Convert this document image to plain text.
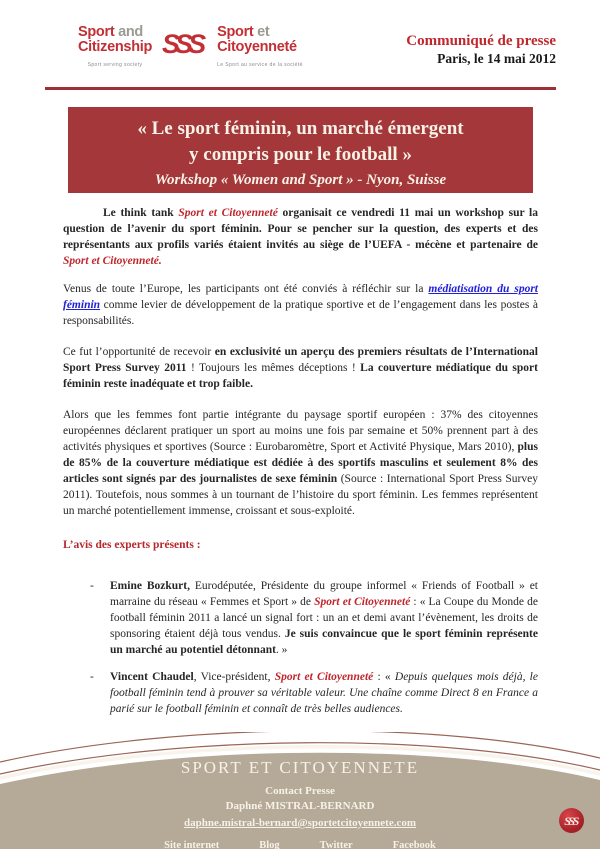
Sport and
Citizenship
Sport serving society
SSS	Sport et
Citoyenneté
Le Sport au service de la société
Communiqué de presse
Paris, le 14 mai 2012
« Le sport féminin, un marché émergent
y compris pour le football »
Workshop « Women and Sport » - Nyon, Suisse

Le think tank Sport et Citoyenneté organisait ce vendredi 11 mai un workshop sur la question de l’avenir du sport féminin. Pour se pencher sur la question, des experts et des représentants aux profils variés étaient invités au siège de l’UEFA - mécène et partenaire de Sport et Citoyenneté.

Venus de toute l’Europe, les participants ont été conviés à réfléchir sur la médiatisation du sport féminin comme levier de développement de la pratique sportive et de l’engagement dans les postes à responsabilités.

Ce fut l’opportunité de recevoir en exclusivité un aperçu des premiers résultats de l’International Sport Press Survey 2011 ! Toujours les mêmes déceptions ! La couverture médiatique du sport féminin reste inadéquate et trop faible.

Alors que les femmes font partie intégrante du paysage sportif européen : 37% des citoyennes européennes déclarent pratiquer un sport au moins une fois par semaine et 50% prennent part à des activités physiques et sportives (Source : Eurobaromètre, Sport et Activité Physique, Mars 2010), plus de 85% de la couverture médiatique est dédiée à des sportifs masculins et seulement 8% des articles sont signés par des journalistes de sexe féminin (Source : International Sport Press Survey 2011). Toutefois, nous sommes à un tournant de l’histoire du sport féminin. Les femmes représentent un marché potentiellement immense, croissant et sous-exploité.

L’avis des experts présents :

-	Emine Bozkurt, Eurodéputée, Présidente du groupe informel « Friends of Football » et marraine du réseau « Femmes et Sport » de Sport et Citoyenneté : « La Coupe du Monde de football féminin 2011 a lancé un signal fort : un an et demi avant l’évènement, les droits de sponsoring étaient déjà tous vendus. Je suis convaincue que le sport féminin représente un marché au potentiel détonnant. »

-	Vincent Chaudel, Vice-président, Sport et Citoyenneté : « Depuis quelques mois déjà, le football féminin tend à prouver sa véritable valeur. Une chaîne comme Direct 8 en France a parié sur le football féminin et connaît de très belles audiences.

SPORT ET CITOYENNETE
Contact Presse
Daphné MISTRAL-BERNARD
daphne.mistral-bernard@sportetcitoyennete.com
Site internet	Blog	Twitter	Facebook
SSS
